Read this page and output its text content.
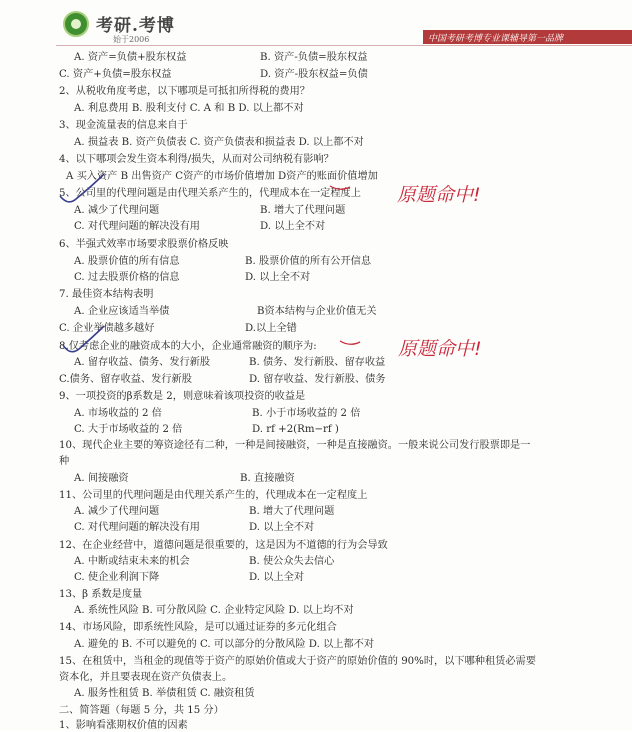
考研.考博
始于2006	中国考研考博专业课辅导第一品牌
A. 资产=负债+股东权益	B. 资产-负债=股东权益
C. 资产+负债=股东权益	D. 资产-股东权益=负债
2、从税收角度考虑，以下哪项是可抵扣所得税的费用？
A. 利息费用 B. 股利支付 C. A 和 B D. 以上都不对
3、现金流量表的信息来自于
A. 损益表 B. 资产负债表 C. 资产负债表和损益表 D. 以上都不对
4、以下哪项会发生资本利得/损失，从而对公司纳税有影响？
A 买入资产 B 出售资产 C资产的市场价值增加 D资产的账面价值增加
5、公司里的代理问题是由代理关系产生的，代理成本在一定程度上
A. 减少了代理问题	B. 增大了代理问题
C. 对代理问题的解决没有用	D. 以上全不对
6、半强式效率市场要求股票价格反映
A. 股票价值的所有信息	B. 股票价值的所有公开信息
C. 过去股票价格的信息	D. 以上全不对
7. 最佳资本结构表明
A. 企业应该适当举债	B资本结构与企业价值无关
C. 企业举债越多越好	D.以上全错
8.仅考虑企业的融资成本的大小，企业通常融资的顺序为:
A. 留存收益、债务、发行新股	B. 债务、发行新股、留存收益
C.债务、留存收益、发行新股	D. 留存收益、发行新股、债务
9、一项投资的β系数是 2，则意味着该项投资的收益是
A. 市场收益的 2 倍	B. 小于市场收益的 2 倍
C. 大于市场收益的 2 倍	D. rf +2(Rm−rf )
10、现代企业主要的筹资途径有二种，一种是间接融资，一种是直接融资。一般来说公司发行股票即是一
种
A. 间接融资	B. 直接融资
11、公司里的代理问题是由代理关系产生的，代理成本在一定程度上
A. 减少了代理问题	B. 增大了代理问题
C. 对代理问题的解决没有用	D. 以上全不对
12、在企业经营中，道德问题是很重要的，这是因为不道德的行为会导致
A. 中断或结束未来的机会	B. 使公众失去信心
C. 使企业利润下降	D. 以上全对
13、β 系数是度量
A. 系统性风险 B. 可分散风险 C. 企业特定风险 D. 以上均不对
14、市场风险，即系统性风险，是可以通过证券的多元化组合
A. 避免的 B. 不可以避免的 C. 可以部分的分散风险 D. 以上都不对
15、在租赁中，当租金的现值等于资产的原始价值或大于资产的原始价值的 90%时，以下哪种租赁必需要
资本化，并且要表现在资产负债表上。
A. 服务性租赁 B. 举债租赁 C. 融资租赁
二、简答题（每题 5 分，共 15 分）
1、影响看涨期权价值的因素
原题命中!
原题命中!
